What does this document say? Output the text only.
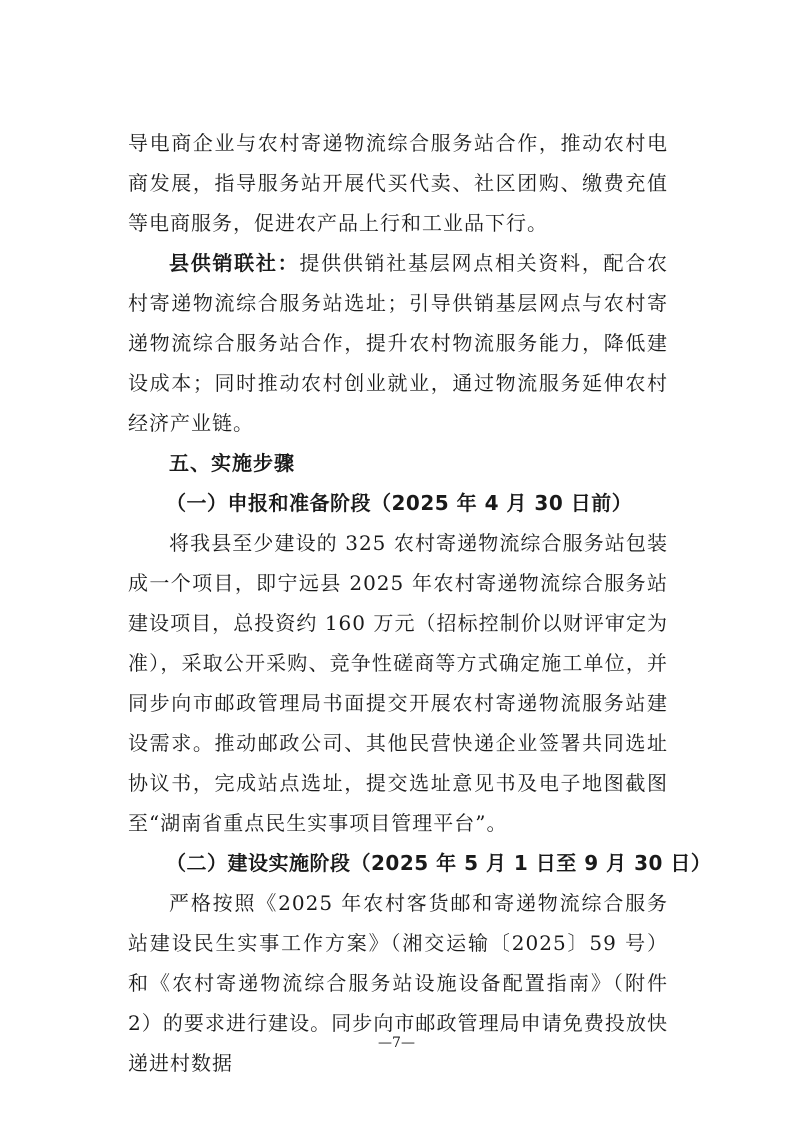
导电商企业与农村寄递物流综合服务站合作，推动农村电商发展，指导服务站开展代买代卖、社区团购、缴费充值等电商服务，促进农产品上行和工业品下行。

县供销联社：提供供销社基层网点相关资料，配合农村寄递物流综合服务站选址；引导供销基层网点与农村寄递物流综合服务站合作，提升农村物流服务能力，降低建设成本；同时推动农村创业就业，通过物流服务延伸农村经济产业链。

五、实施步骤

（一）申报和准备阶段（2025 年 4 月 30 日前）

将我县至少建设的 325 农村寄递物流综合服务站包装成一个项目，即宁远县 2025 年农村寄递物流综合服务站建设项目，总投资约 160 万元（招标控制价以财评审定为准），采取公开采购、竞争性磋商等方式确定施工单位，并同步向市邮政管理局书面提交开展农村寄递物流服务站建设需求。推动邮政公司、其他民营快递企业签署共同选址协议书，完成站点选址，提交选址意见书及电子地图截图至“湖南省重点民生实事项目管理平台”。

（二）建设实施阶段（2025 年 5 月 1 日至 9 月 30 日）

严格按照《2025 年农村客货邮和寄递物流综合服务站建设民生实事工作方案》（湘交运输〔2025〕59 号）和《农村寄递物流综合服务站设施设备配置指南》（附件 2）的要求进行建设。同步向市邮政管理局申请免费投放快递进村数据

—7—
